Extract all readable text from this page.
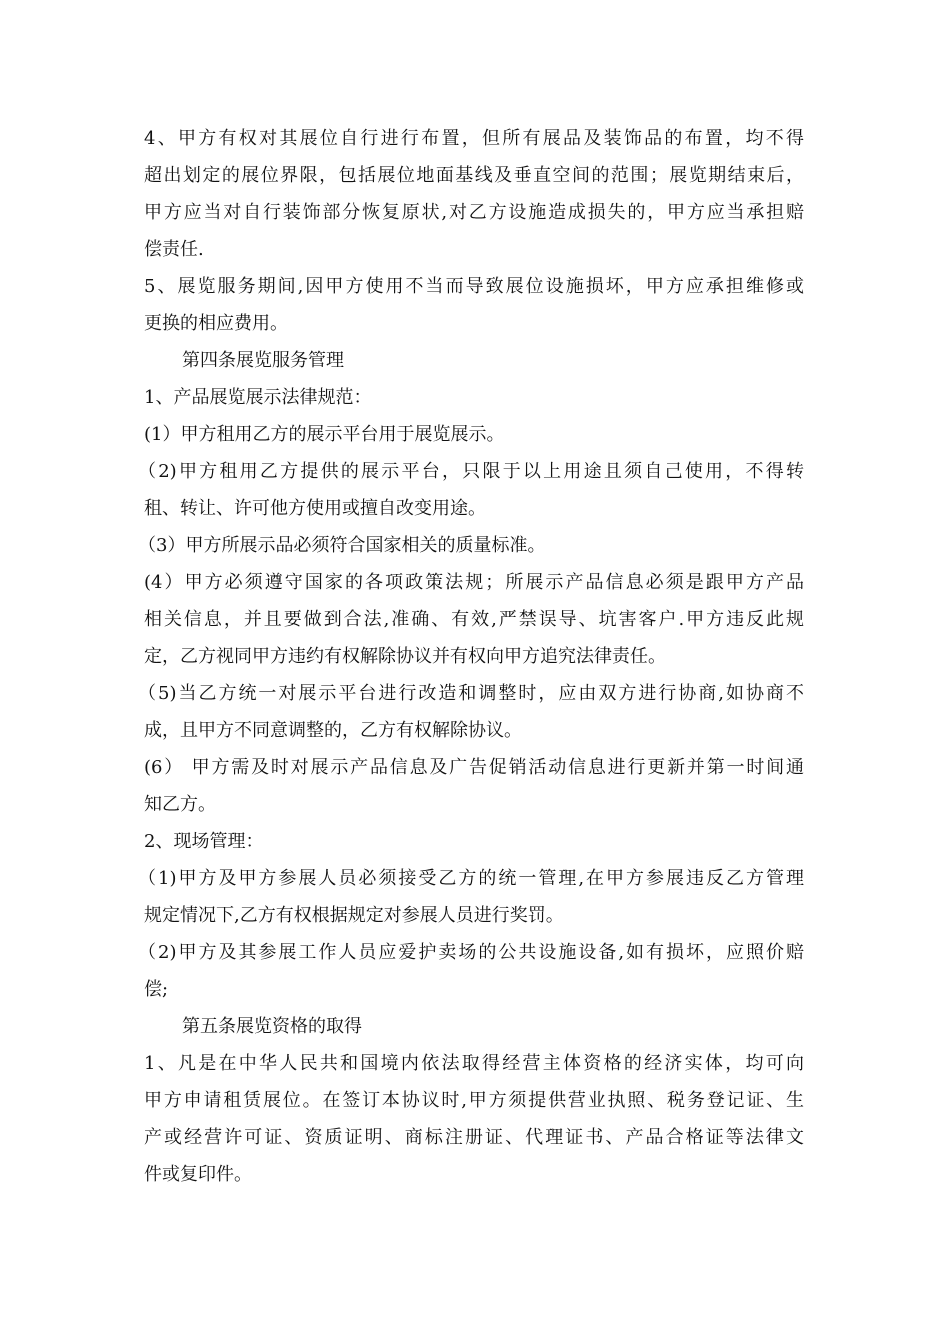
4、甲方有权对其展位自行进行布置，但所有展品及装饰品的布置，均不得
超出划定的展位界限，包括展位地面基线及垂直空间的范围；展览期结束后，
甲方应当对自行装饰部分恢复原状,对乙方设施造成损失的，甲方应当承担赔
偿责任.
5、展览服务期间,因甲方使用不当而导致展位设施损坏，甲方应承担维修或
更换的相应费用。
第四条展览服务管理
1、产品展览展示法律规范：
(1）甲方租用乙方的展示平台用于展览展示。
（2)甲方租用乙方提供的展示平台，只限于以上用途且须自己使用，不得转
租、转让、许可他方使用或擅自改变用途。
（3）甲方所展示品必须符合国家相关的质量标准。
(4）甲方必须遵守国家的各项政策法规；所展示产品信息必须是跟甲方产品
相关信息，并且要做到合法,准确、有效,严禁误导、坑害客户.甲方违反此规
定，乙方视同甲方违约有权解除协议并有权向甲方追究法律责任。
（5)当乙方统一对展示平台进行改造和调整时，应由双方进行协商,如协商不
成，且甲方不同意调整的，乙方有权解除协议。
(6） 甲方需及时对展示产品信息及广告促销活动信息进行更新并第一时间通
知乙方。
2、现场管理：
（1)甲方及甲方参展人员必须接受乙方的统一管理,在甲方参展违反乙方管理
规定情况下,乙方有权根据规定对参展人员进行奖罚。
（2)甲方及其参展工作人员应爱护卖场的公共设施设备,如有损坏，应照价赔
偿;
第五条展览资格的取得
1、凡是在中华人民共和国境内依法取得经营主体资格的经济实体，均可向
甲方申请租赁展位。在签订本协议时,甲方须提供营业执照、税务登记证、生
产或经营许可证、资质证明、商标注册证、代理证书、产品合格证等法律文
件或复印件。
